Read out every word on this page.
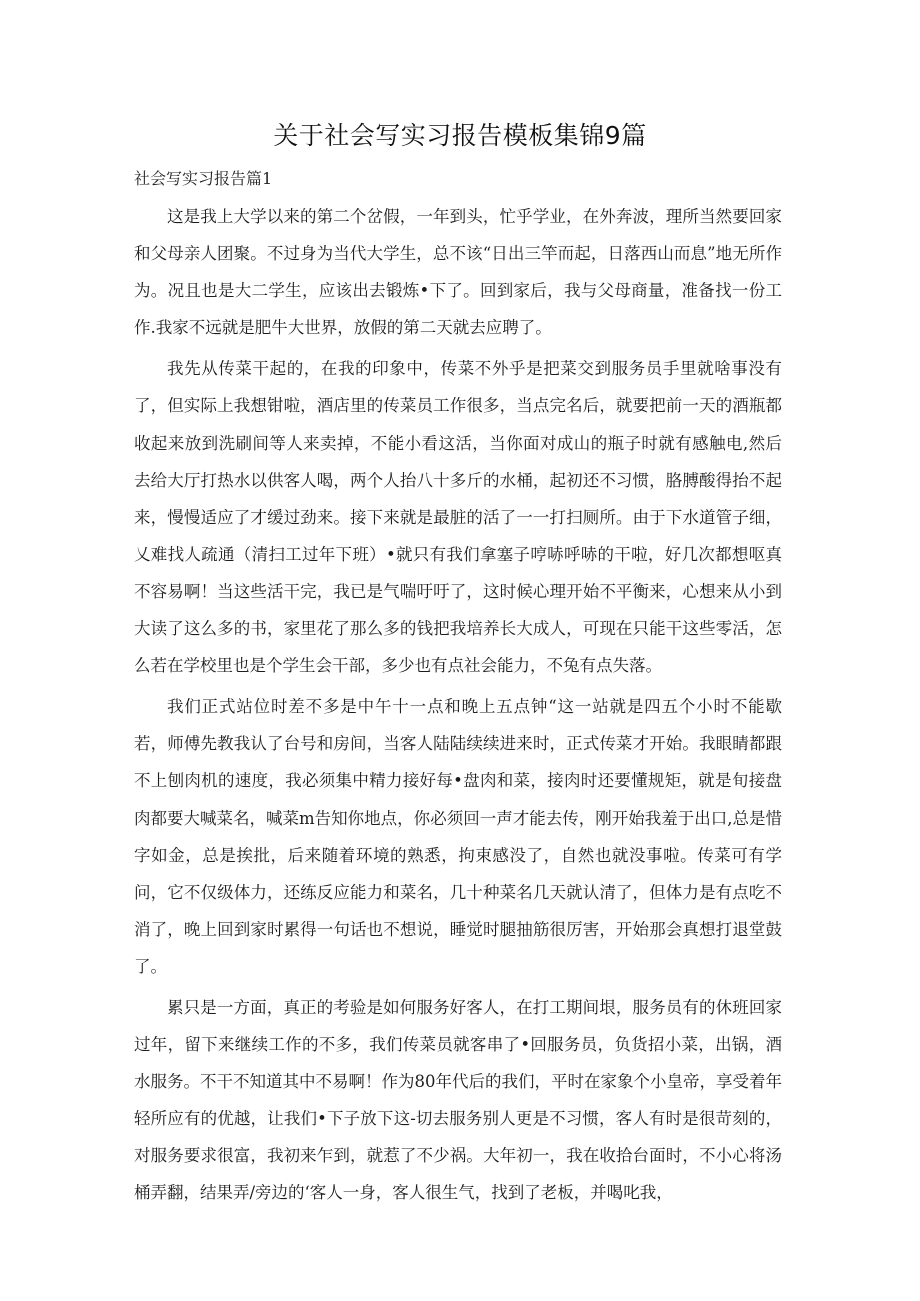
关于社会写实习报告模板集锦9篇

社会写实习报告篇1

这是我上大学以来的第二个岔假，一年到头，忙乎学业，在外奔波，理所当然要回家和父母亲人团聚。不过身为当代大学生，总不该“日出三竿而起，日落西山而息”地无所作为。况且也是大二学生，应该出去锻炼•下了。回到家后，我与父母商量，准备找一份工作.我家不远就是肥牛大世界，放假的第二天就去应聘了。

我先从传菜干起的，在我的印象中，传菜不外乎是把菜交到服务员手里就啥事没有了，但实际上我想钳啦，酒店里的传菜员工作很多，当点完名后，就要把前一天的酒瓶都收起来放到洗刷间等人来卖掉，不能小看这活，当你面对成山的瓶子时就有感触电,然后去给大厅打热水以供客人喝，两个人抬八十多斤的水桶，起初还不习惯，胳膊酸得抬不起来，慢慢适应了才缓过劲来。接下来就是最脏的活了一一打扫厕所。由于下水道管子细，乂难找人疏通（清扫工过年下班）•就只有我们拿塞子哼哧呼哧的干啦，好几次都想呕真不容易啊！当这些活干完，我已是气喘吁吁了，这时候心理开始不平衡来，心想来从小到大读了这么多的书，家里花了那么多的钱把我培养长大成人，可现在只能干这些零活，怎么若在学校里也是个学生会干部，多少也有点社会能力，不兔有点失落。

我们正式站位时差不多是中午十一点和晚上五点钟“这一站就是四五个小时不能歇若，师傅先教我认了台号和房间，当客人陆陆续续进来时，正式传菜才开始。我眼睛都跟不上刨肉机的速度，我必须集中精力接好每•盘肉和菜，接肉时还要懂规矩，就是旬接盘肉都要大喊菜名，喊菜m告知你地点，你必须回一声才能去传，刚开始我羞于出口,总是惜字如金，总是挨批，后来随着环境的熟悉，拘束感没了，自然也就没事啦。传菜可有学问，它不仅级体力，还练反应能力和菜名，几十种菜名几天就认清了，但体力是有点吃不消了，晚上回到家时累得一句话也不想说，睡觉时腿抽筋很厉害，开始那会真想打退堂鼓了。

累只是一方面，真正的考验是如何服务好客人，在打工期间垠，服务员有的休班回家过年，留下来继续工作的不多，我们传菜员就客串了•回服务员，负货招小菜，出锅，酒水服务。不干不知道其中不易啊！作为80年代后的我们，平时在家象个小皇帝，享受着年轻所应有的优越，让我们•下子放下这-切去服务别人更是不习惯，客人有时是很苛刻的，对服务要求很富，我初来乍到，就惹了不少祸。大年初一，我在收拾台面时，不小心将汤桶弄翻，结果弄/旁边的‘客人一身，客人很生气，找到了老板，并喝叱我，
